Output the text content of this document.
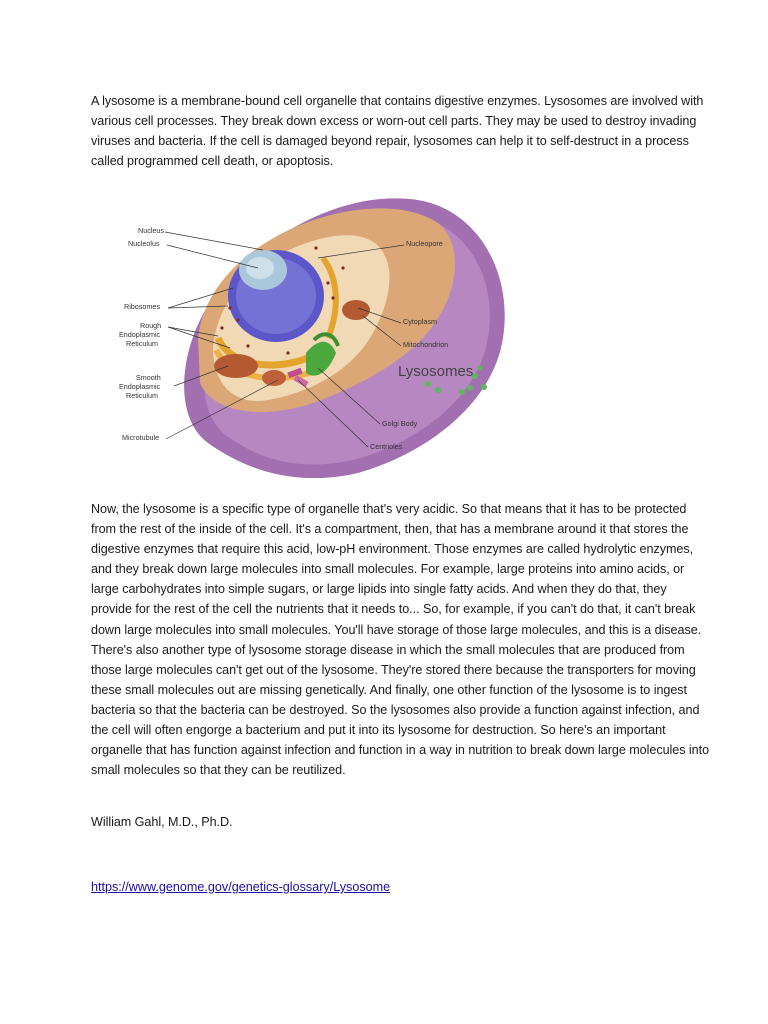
A lysosome is a membrane-bound cell organelle that contains digestive enzymes. Lysosomes are involved with various cell processes. They break down excess or worn-out cell parts. They may be used to destroy invading viruses and bacteria. If the cell is damaged beyond repair, lysosomes can help it to self-destruct in a process called programmed cell death, or apoptosis.

Nucleus
Nucleolus
Ribosomes
Rough
Endoplasmic
Reticulum
Smooth
Endoplasmic
Reticulum
Microtubule
Nucleopore
Cytoplasm
Mitochondrion
Lysosomes
Golgi Body
Centrioles

Now, the lysosome is a specific type of organelle that's very acidic. So that means that it has to be protected from the rest of the inside of the cell. It's a compartment, then, that has a membrane around it that stores the digestive enzymes that require this acid, low-pH environment. Those enzymes are called hydrolytic enzymes, and they break down large molecules into small molecules. For example, large proteins into amino acids, or large carbohydrates into simple sugars, or large lipids into single fatty acids. And when they do that, they provide for the rest of the cell the nutrients that it needs to... So, for example, if you can't do that, it can't break down large molecules into small molecules. You'll have storage of those large molecules, and this is a disease. There's also another type of lysosome storage disease in which the small molecules that are produced from those large molecules can't get out of the lysosome. They're stored there because the transporters for moving these small molecules out are missing genetically. And finally, one other function of the lysosome is to ingest bacteria so that the bacteria can be destroyed. So the lysosomes also provide a function against infection, and the cell will often engorge a bacterium and put it into its lysosome for destruction. So here's an important organelle that has function against infection and function in a way in nutrition to break down large molecules into small molecules so that they can be reutilized.

William Gahl, M.D., Ph.D.

https://www.genome.gov/genetics-glossary/Lysosome
